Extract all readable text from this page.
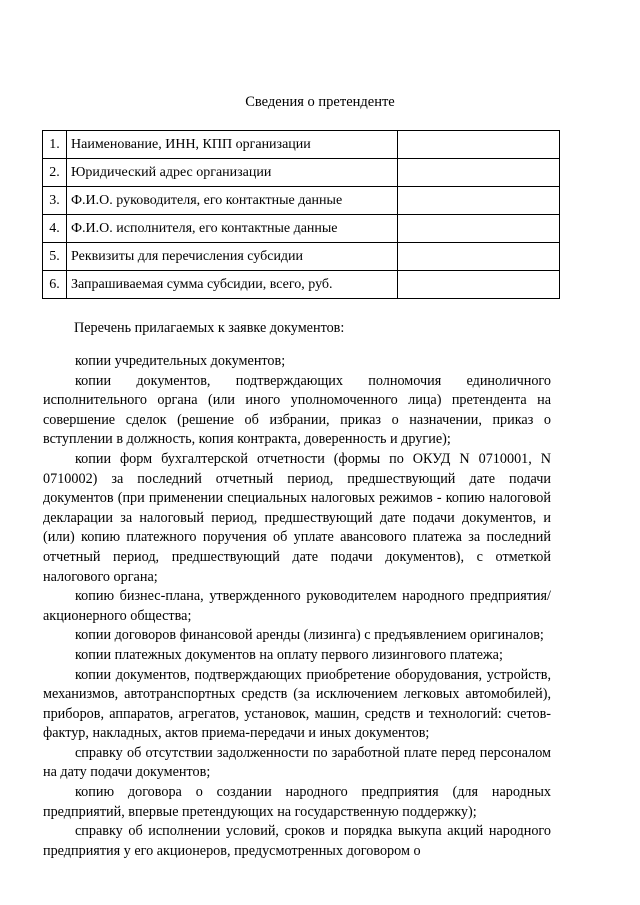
Сведения о претенденте
1.	Наименование, ИНН, КПП организации	
2.	Юридический адрес организации	
3.	Ф.И.О. руководителя, его контактные данные	
4.	Ф.И.О. исполнителя, его контактные данные	
5.	Реквизиты для перечисления субсидии	
6.	Запрашиваемая сумма субсидии, всего, руб.	
Перечень прилагаемых к заявке документов:

копии учредительных документов;

копии документов, подтверждающих полномочия единоличного исполнительного органа (или иного уполномоченного лица) претендента на совершение сделок (решение об избрании, приказ о назначении, приказ о вступлении в должность, копия контракта, доверенность и другие);

копии форм бухгалтерской отчетности (формы по ОКУД N 0710001, N 0710002) за последний отчетный период, предшествующий дате подачи документов (при применении специальных налоговых режимов - копию налоговой декларации за налоговый период, предшествующий дате подачи документов, и (или) копию платежного поручения об уплате авансового платежа за последний отчетный период, предшествующий дате подачи документов), с отметкой налогового органа;

копию бизнес-плана, утвержденного руководителем народного предприятия/акционерного общества;

копии договоров финансовой аренды (лизинга) с предъявлением оригиналов;

копии платежных документов на оплату первого лизингового платежа;

копии документов, подтверждающих приобретение оборудования, устройств, механизмов, автотранспортных средств (за исключением легковых автомобилей), приборов, аппаратов, агрегатов, установок, машин, средств и технологий: счетов-фактур, накладных, актов приема-передачи и иных документов;

справку об отсутствии задолженности по заработной плате перед персоналом на дату подачи документов;

копию договора о создании народного предприятия (для народных предприятий, впервые претендующих на государственную поддержку);

справку об исполнении условий, сроков и порядка выкупа акций народного предприятия у его акционеров, предусмотренных договором о
